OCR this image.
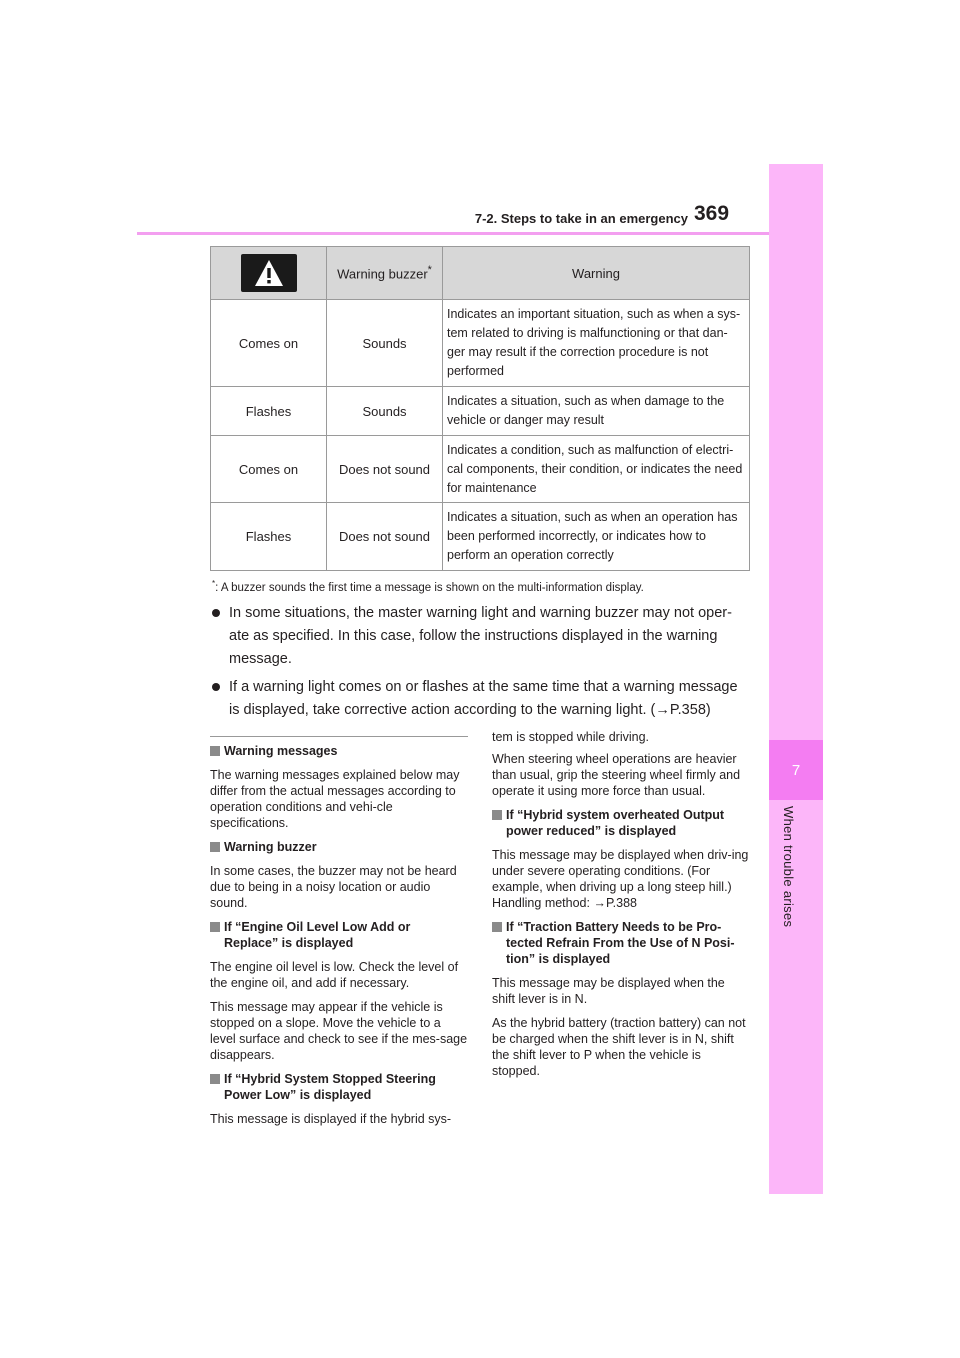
7-2. Steps to take in an emergency 369
7
When trouble arises
	Warning buzzer*	Warning
Comes on	Sounds	Indicates an important situation, such as when a sys-tem related to driving is malfunctioning or that dan-ger may result if the correction procedure is not performed
Flashes	Sounds	Indicates a situation, such as when damage to the vehicle or danger may result
Comes on	Does not sound	Indicates a condition, such as malfunction of electri-cal components, their condition, or indicates the need for maintenance
Flashes	Does not sound	Indicates a situation, such as when an operation has been performed incorrectly, or indicates how to perform an operation correctly
*: A buzzer sounds the first time a message is shown on the multi-information display.
In some situations, the master warning light and warning buzzer may not oper-ate as specified. In this case, follow the instructions displayed in the warning message.
If a warning light comes on or flashes at the same time that a warning message is displayed, take corrective action according to the warning light. (→P.358)
Warning messages

The warning messages explained below may differ from the actual messages according to operation conditions and vehi-cle specifications.

Warning buzzer

In some cases, the buzzer may not be heard due to being in a noisy location or audio sound.

If “Engine Oil Level Low Add or Replace” is displayed

The engine oil level is low. Check the level of the engine oil, and add if necessary.

This message may appear if the vehicle is stopped on a slope. Move the vehicle to a level surface and check to see if the mes-sage disappears.

If “Hybrid System Stopped Steering Power Low” is displayed

This message is displayed if the hybrid sys-

tem is stopped while driving.

When steering wheel operations are heavier than usual, grip the steering wheel firmly and operate it using more force than usual.

If “Hybrid system overheated Output power reduced” is displayed

This message may be displayed when driv-ing under severe operating conditions. (For example, when driving up a long steep hill.) Handling method: →P.388

If “Traction Battery Needs to be Pro-tected Refrain From the Use of N Posi-tion” is displayed

This message may be displayed when the shift lever is in N.

As the hybrid battery (traction battery) can not be charged when the shift lever is in N, shift the shift lever to P when the vehicle is stopped.
